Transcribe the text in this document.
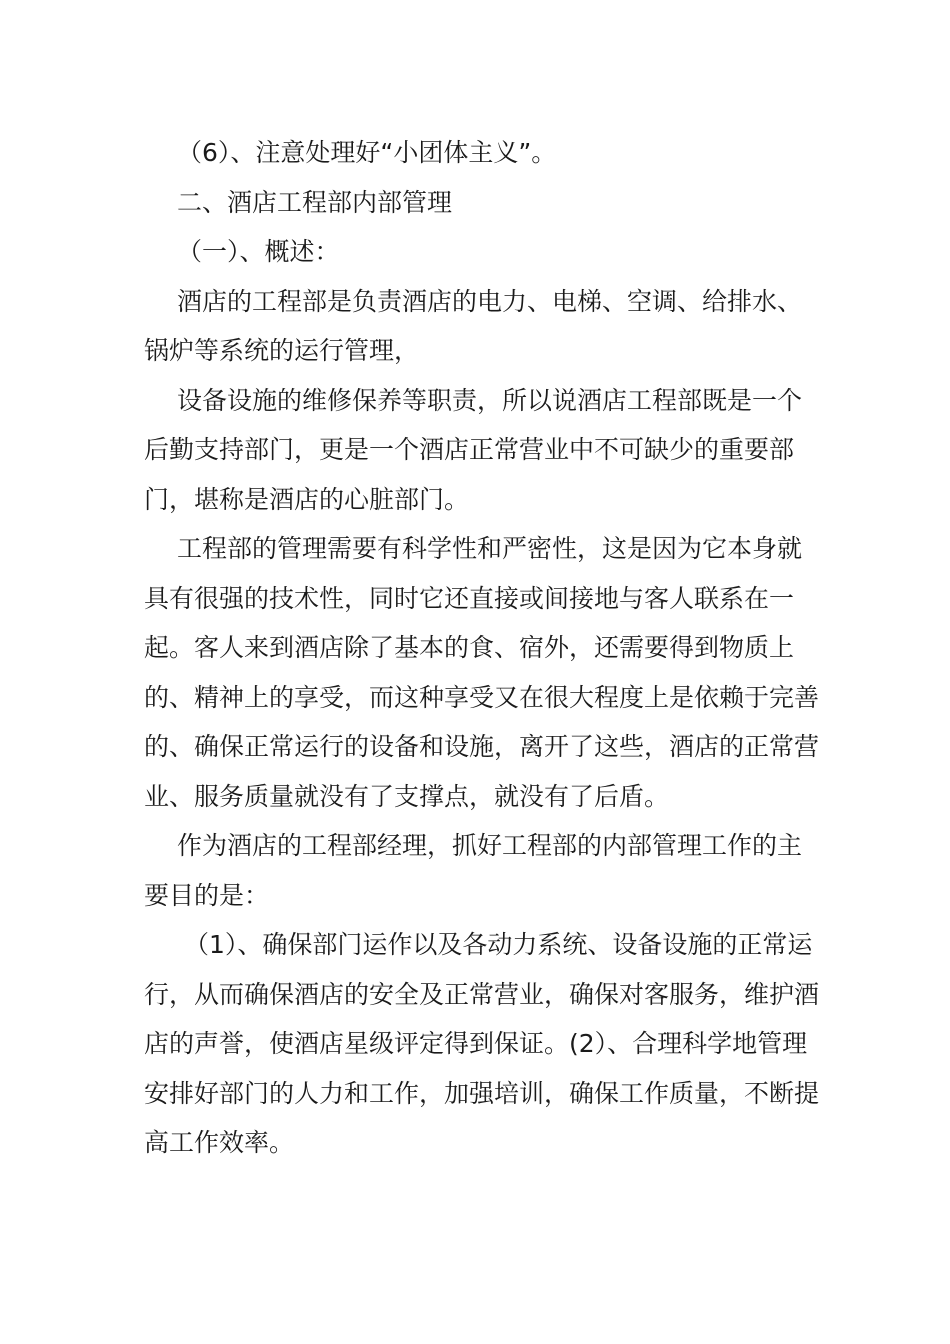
（6）、注意处理好“小团体主义”。

二、酒店工程部内部管理

（一）、概述：

酒店的工程部是负责酒店的电力、电梯、空调、给排水、锅炉等系统的运行管理，

设备设施的维修保养等职责，所以说酒店工程部既是一个后勤支持部门，更是一个酒店正常营业中不可缺少的重要部门，堪称是酒店的心脏部门。

工程部的管理需要有科学性和严密性，这是因为它本身就具有很强的技术性，同时它还直接或间接地与客人联系在一起。客人来到酒店除了基本的食、宿外，还需要得到物质上的、精神上的享受，而这种享受又在很大程度上是依赖于完善的、确保正常运行的设备和设施，离开了这些，酒店的正常营业、服务质量就没有了支撑点，就没有了后盾。

作为酒店的工程部经理，抓好工程部的内部管理工作的主要目的是：

（1）、确保部门运作以及各动力系统、设备设施的正常运行，从而确保酒店的安全及正常营业，确保对客服务，维护酒店的声誉，使酒店星级评定得到保证。(2）、合理科学地管理安排好部门的人力和工作，加强培训，确保工作质量，不断提高工作效率。
